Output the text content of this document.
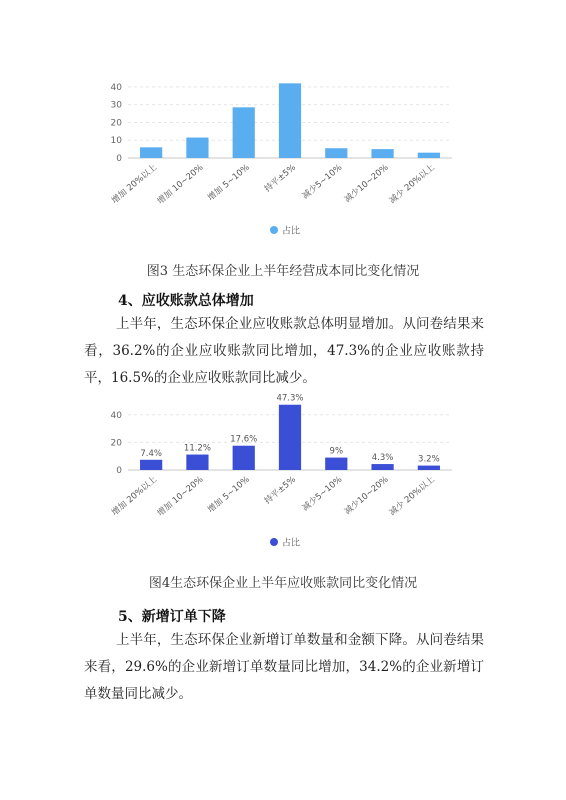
0
10
20
30
40
增加 20%以上
增加 10~20% 增加 5~10% 持平±5% 减少5~10%
减少10~20%
减少 20%以上
占比
图3 生态环保企业上半年经营成本同比变化情况
4、应收账款总体增加
上半年，生态环保企业应收账款总体明显增加。从问卷结果来看，36.2%的企业应收账款同比增加，47.3%的企业应收账款持平，16.5%的企业应收账款同比减少。
0
20
40
7.4%
增加 20%以上
11.2%
增加 10~20%
17.6%
增加 5~10%
47.3%
持平±5%
9%
减少5~10%
4.3%
减少10~20%
3.2%
减少 20%以上
占比
图4生态环保企业上半年应收账款同比变化情况
5、新增订单下降
上半年，生态环保企业新增订单数量和金额下降。从问卷结果来看，29.6%的企业新增订单数量同比增加，34.2%的企业新增订单数量同比减少。
